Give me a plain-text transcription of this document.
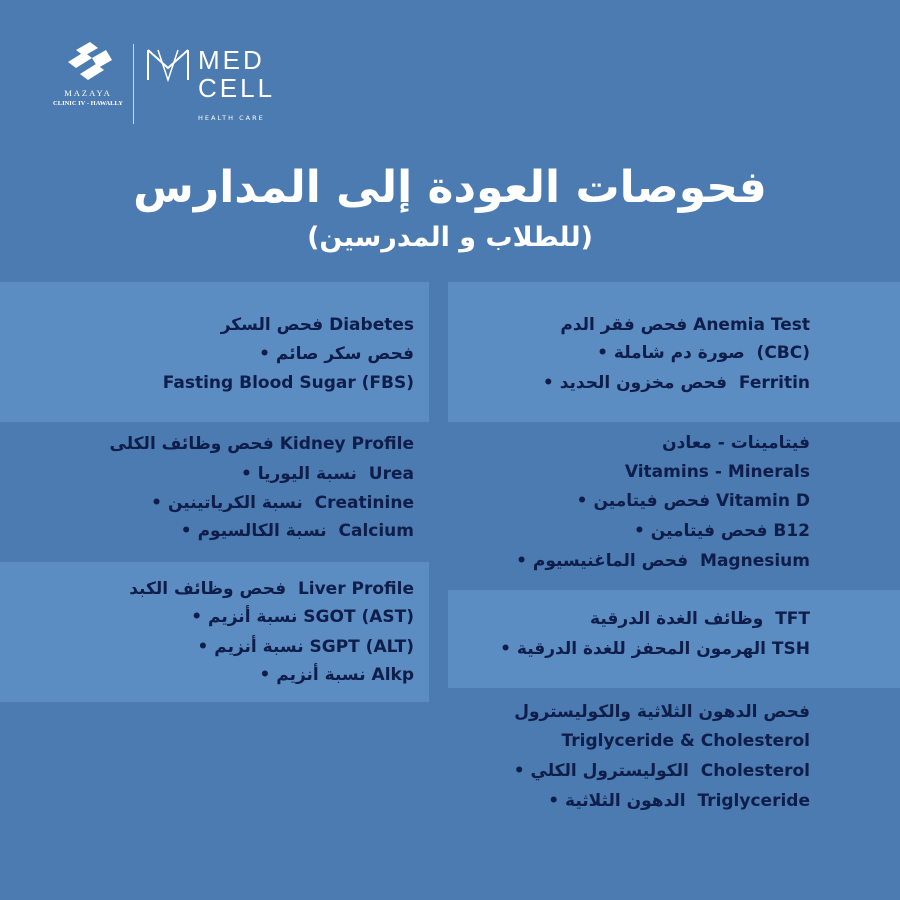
MAZAYA
CLINIC IV - HAWALLY
MED
CELL
HEALTH CARE
فحوصات العودة إلى المدارس
(للطلاب و المدرسين)
فحص فقر الدم Anemia Test
• صورة دم شاملة (CBC)
• فحص مخزون الحديد Ferritin
فيتامينات - معادن
Vitamins - Minerals
• فحص فيتامين Vitamin D
• فحص فيتامين B12
• فحص الماغنيسيوم Magnesium
وظائف الغدة الدرقية TFT
• الهرمون المحفز للغدة الدرقية TSH
فحص الدهون الثلاثية والكوليسترول
Triglyceride & Cholesterol
• الكوليسترول الكلي Cholesterol
• الدهون الثلاثية Triglyceride
فحص السكر Diabetes
• فحص سكر صائم
Fasting Blood Sugar (FBS)
فحص وظائف الكلى Kidney Profile
• نسبة اليوريا Urea
• نسبة الكرياتينين Creatinine
• نسبة الكالسيوم Calcium
فحص وظائف الكبد Liver Profile
• نسبة أنزيم SGOT (AST)
• نسبة أنزيم SGPT (ALT)
• نسبة أنزيم Alkp
